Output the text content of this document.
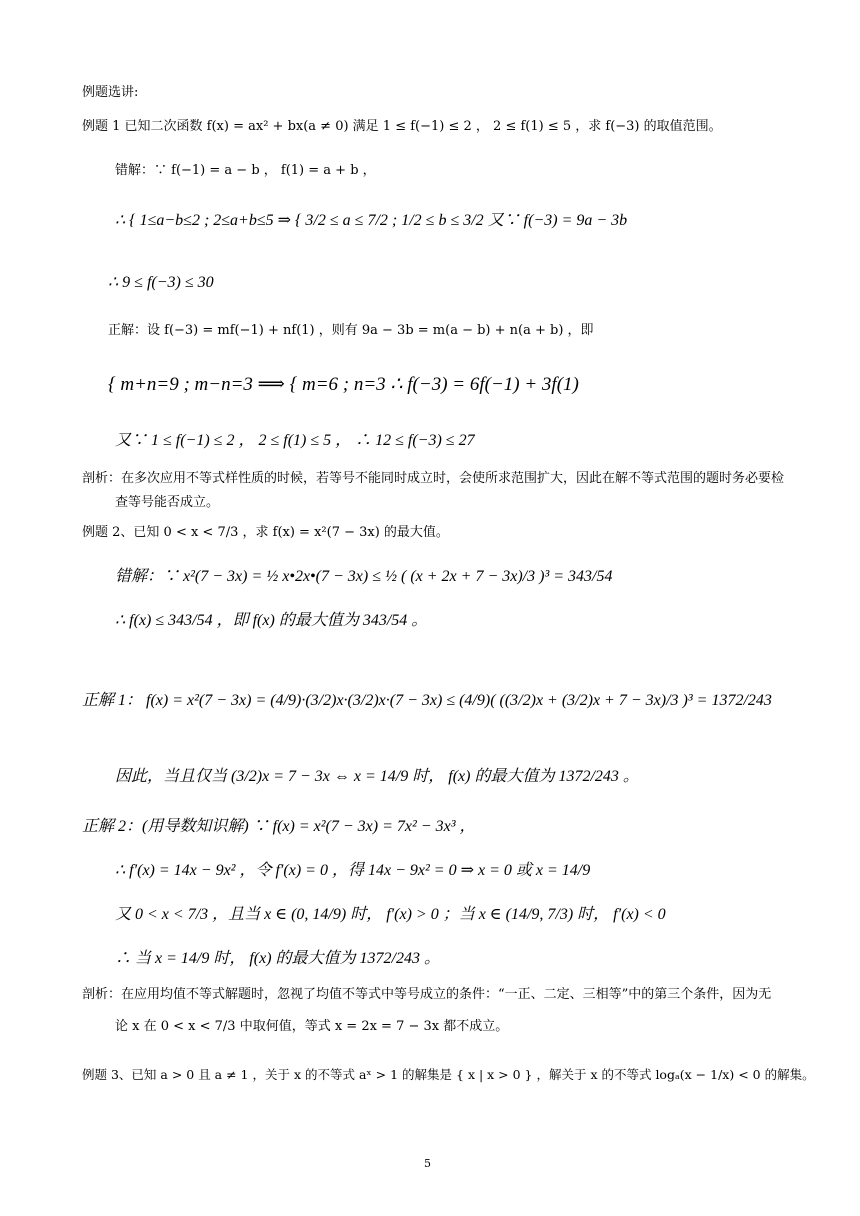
例题选讲:
例题 1 已知二次函数 f(x) = ax² + bx(a ≠ 0) 满足 1 ≤ f(−1) ≤ 2 ， 2 ≤ f(1) ≤ 5 ，求 f(−3) 的取值范围。
错解：∵ f(−1) = a − b ， f(1) = a + b ，
∴ { 1≤a−b≤2 ; 2≤a+b≤5 ⇒ { 3/2 ≤ a ≤ 7/2 ; 1/2 ≤ b ≤ 3/2 又∵ f(−3) = 9a − 3b
∴ 9 ≤ f(−3) ≤ 30
正解：设 f(−3) = mf(−1) + nf(1) ，则有 9a − 3b = m(a − b) + n(a + b) ，即
{ m+n=9 ; m−n=3 ⟹ { m=6 ; n=3 ∴ f(−3) = 6f(−1) + 3f(1)
又∵ 1 ≤ f(−1) ≤ 2 ， 2 ≤ f(1) ≤ 5 ， ∴ 12 ≤ f(−3) ≤ 27
剖析：在多次应用不等式样性质的时候，若等号不能同时成立时，会使所求范围扩大，因此在解不等式范围的题时务必要检
查等号能否成立。
例题 2、已知 0 < x < 7/3 ，求 f(x) = x²(7 − 3x) 的最大值。
错解：∵ x²(7 − 3x) = ½ x•2x•(7 − 3x) ≤ ½ ( (x + 2x + 7 − 3x)/3 )³ = 343/54
∴ f(x) ≤ 343/54 ，即 f(x) 的最大值为 343/54 。
正解 1： f(x) = x²(7 − 3x) = (4/9)·(3/2)x·(3/2)x·(7 − 3x) ≤ (4/9)( ((3/2)x + (3/2)x + 7 − 3x)/3 )³ = 1372/243
因此，当且仅当 (3/2)x = 7 − 3x ⇔ x = 14/9 时， f(x) 的最大值为 1372/243 。
正解 2：(用导数知识解) ∵ f(x) = x²(7 − 3x) = 7x² − 3x³ ，
∴ f′(x) = 14x − 9x² ，令 f′(x) = 0 ，得 14x − 9x² = 0 ⇒ x = 0 或 x = 14/9
又 0 < x < 7/3 ，且当 x ∈ (0, 14/9) 时， f′(x) > 0 ；当 x ∈ (14/9, 7/3) 时， f′(x) < 0
∴ 当 x = 14/9 时， f(x) 的最大值为 1372/243 。
剖析：在应用均值不等式解题时，忽视了均值不等式中等号成立的条件：“一正、二定、三相等”中的第三个条件，因为无
论 x 在 0 < x < 7/3 中取何值，等式 x = 2x = 7 − 3x 都不成立。
例题 3、已知 a > 0 且 a ≠ 1 ，关于 x 的不等式 aˣ > 1 的解集是 { x | x > 0 } ，解关于 x 的不等式 logₐ(x − 1/x) < 0 的解集。
5
